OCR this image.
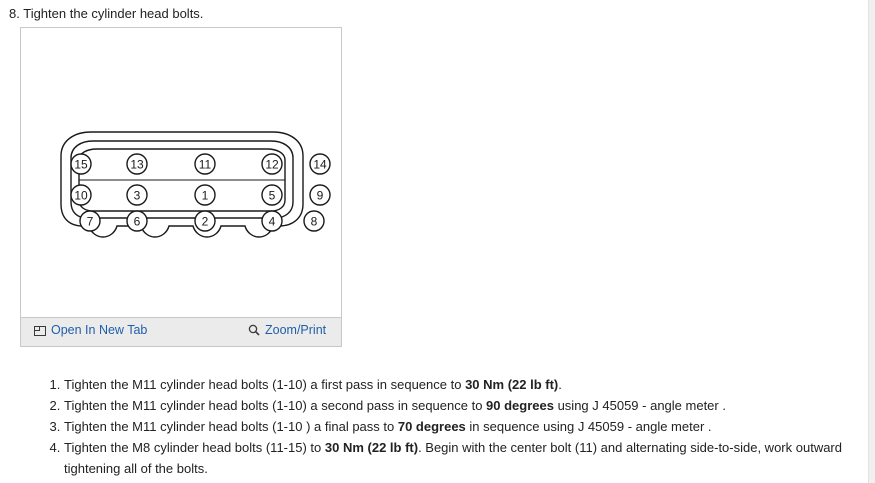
8. Tighten the cylinder head bolts.
15	13	11	12	14
10	3	1	5	9
7	6	2	4	8
Open In New Tab	Zoom/Print
1. Tighten the M11 cylinder head bolts (1-10) a first pass in sequence to 30 Nm (22 lb ft).
2. Tighten the M11 cylinder head bolts (1-10) a second pass in sequence to 90 degrees using J 45059 - angle meter .
3. Tighten the M11 cylinder head bolts (1-10 ) a final pass to 70 degrees in sequence using J 45059 - angle meter .
4. Tighten the M8 cylinder head bolts (11-15) to 30 Nm (22 lb ft). Begin with the center bolt (11) and alternating side-to-side, work outward tightening all of the bolts.
